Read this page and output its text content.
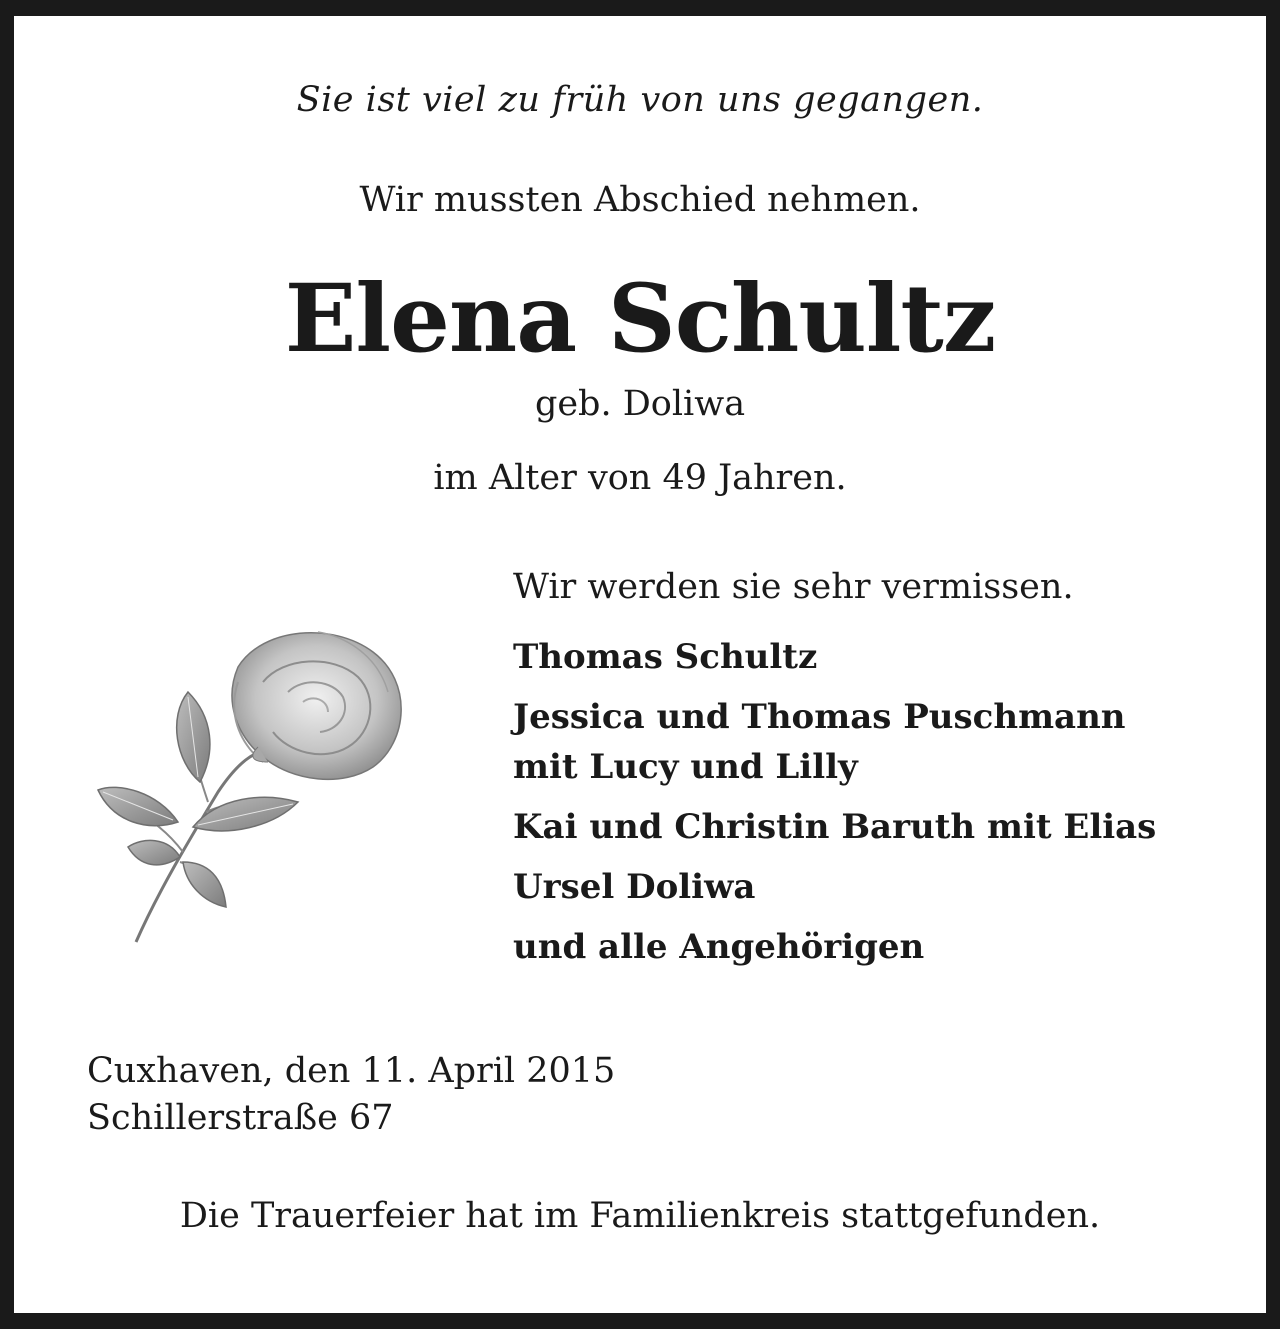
Sie ist viel zu früh von uns gegangen.
Wir mussten Abschied nehmen.
Elena Schultz
geb. Doliwa
im Alter von 49 Jahren.
Wir werden sie sehr vermissen.
Thomas Schultz
Jessica und Thomas Puschmann
mit Lucy und Lilly
Kai und Christin Baruth mit Elias
Ursel Doliwa
und alle Angehörigen
Cuxhaven, den 11. April 2015
Schillerstraße 67
Die Trauerfeier hat im Familienkreis stattgefunden.
